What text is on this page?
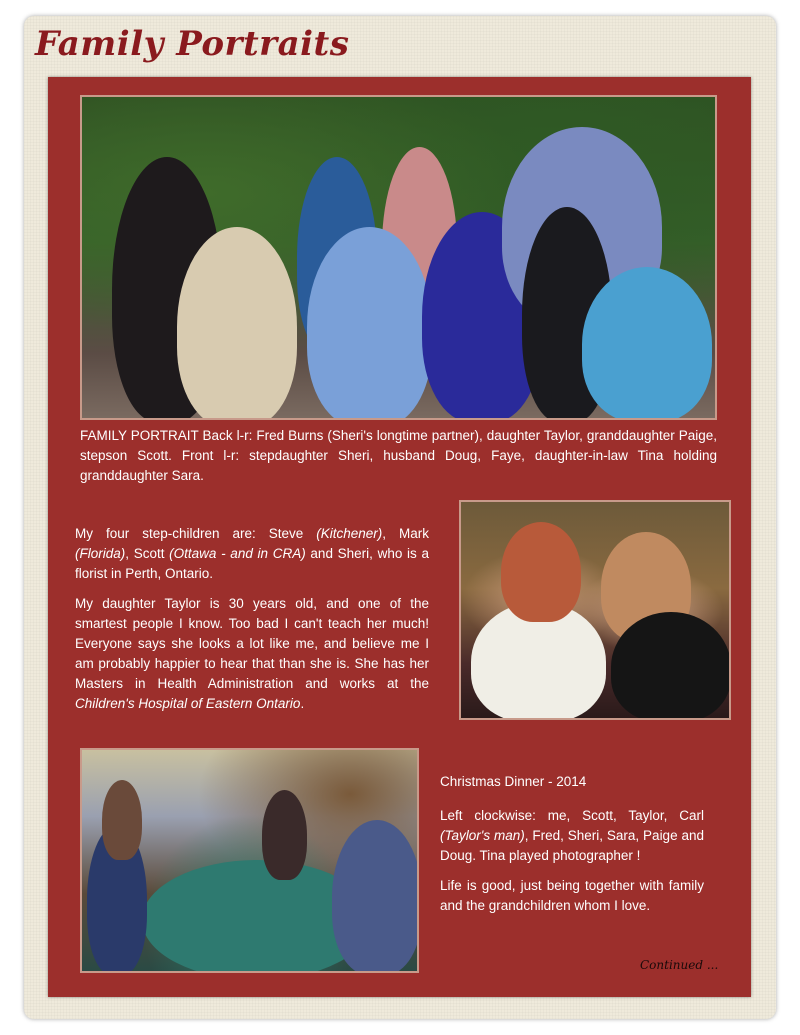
Family Portraits
FAMILY PORTRAIT Back l-r: Fred Burns (Sheri's longtime partner), daughter Taylor, granddaughter Paige, stepson Scott. Front l-r: stepdaughter Sheri, husband Doug, Faye, daughter-in-law Tina holding granddaughter Sara.

My four step-children are: Steve (Kitchener), Mark (Florida), Scott (Ottawa - and in CRA) and Sheri, who is a florist in Perth, Ontario.

My daughter Taylor is 30 years old, and one of the smartest people I know. Too bad I can't teach her much! Everyone says she looks a lot like me, and believe me I am probably happier to hear that than she is. She has her Masters in Health Administration and works at the Children's Hospital of Eastern Ontario.

Christmas Dinner - 2014

Left clockwise: me, Scott, Taylor, Carl (Taylor's man), Fred, Sheri, Sara, Paige and Doug. Tina played photographer !

Life is good, just being together with family and the grandchildren whom I love.

Continued ...
